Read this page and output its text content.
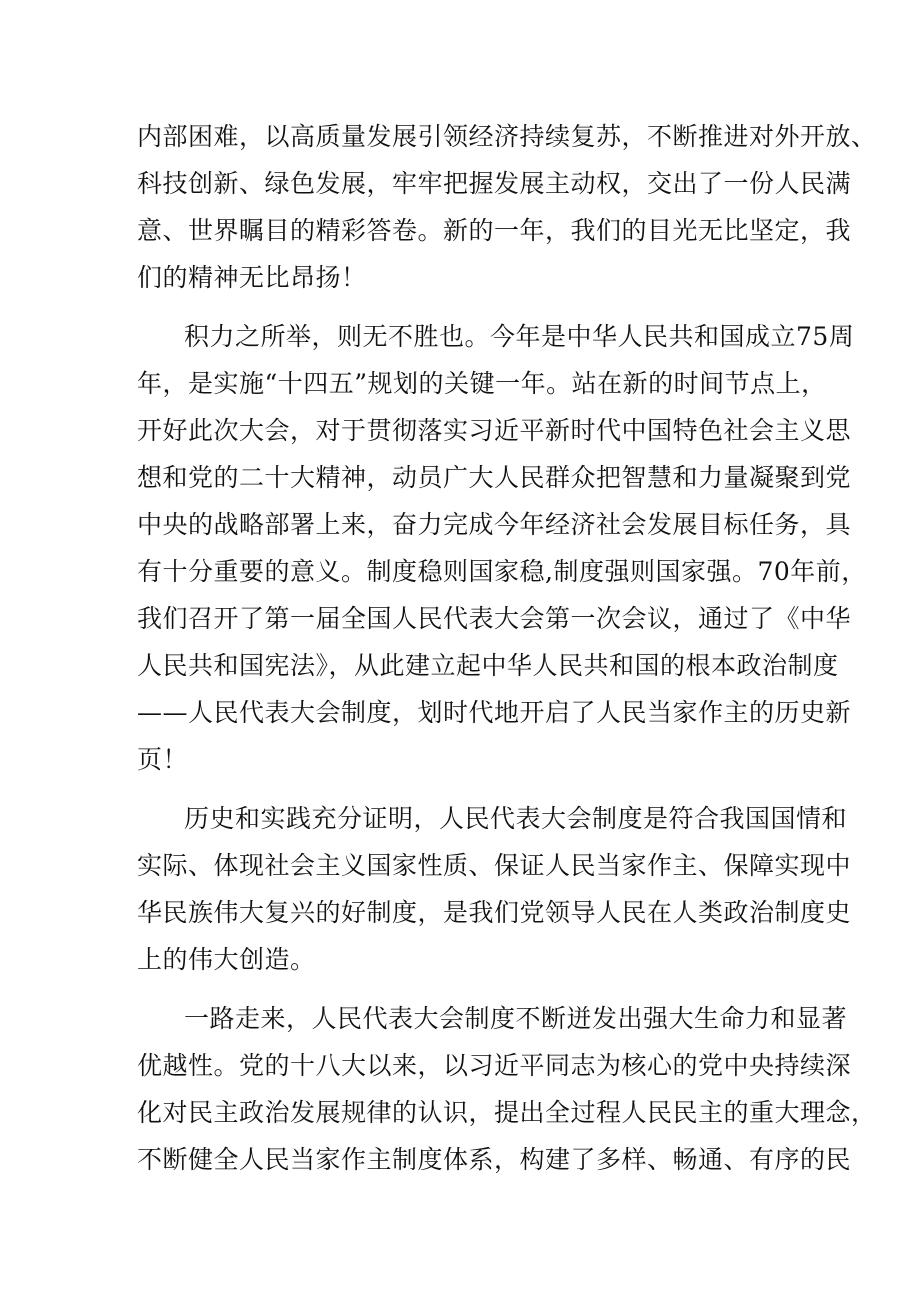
内部困难，以高质量发展引领经济持续复苏，不断推进对外开放、
科技创新、绿色发展，牢牢把握发展主动权，交出了一份人民满
意、世界瞩目的精彩答卷。新的一年，我们的目光无比坚定，我
们的精神无比昂扬！
积力之所举，则无不胜也。今年是中华人民共和国成立75周
年，是实施“十四五”规划的关键一年。站在新的时间节点上，
开好此次大会，对于贯彻落实习近平新时代中国特色社会主义思
想和党的二十大精神，动员广大人民群众把智慧和力量凝聚到党
中央的战略部署上来，奋力完成今年经济社会发展目标任务，具
有十分重要的意义。制度稳则国家稳,制度强则国家强。70年前，
我们召开了第一届全国人民代表大会第一次会议，通过了《中华
人民共和国宪法》，从此建立起中华人民共和国的根本政治制度
——人民代表大会制度，划时代地开启了人民当家作主的历史新
页！
历史和实践充分证明，人民代表大会制度是符合我国国情和
实际、体现社会主义国家性质、保证人民当家作主、保障实现中
华民族伟大复兴的好制度，是我们党领导人民在人类政治制度史
上的伟大创造。
一路走来，人民代表大会制度不断迸发出强大生命力和显著
优越性。党的十八大以来，以习近平同志为核心的党中央持续深
化对民主政治发展规律的认识，提出全过程人民民主的重大理念，
不断健全人民当家作主制度体系，构建了多样、畅通、有序的民
